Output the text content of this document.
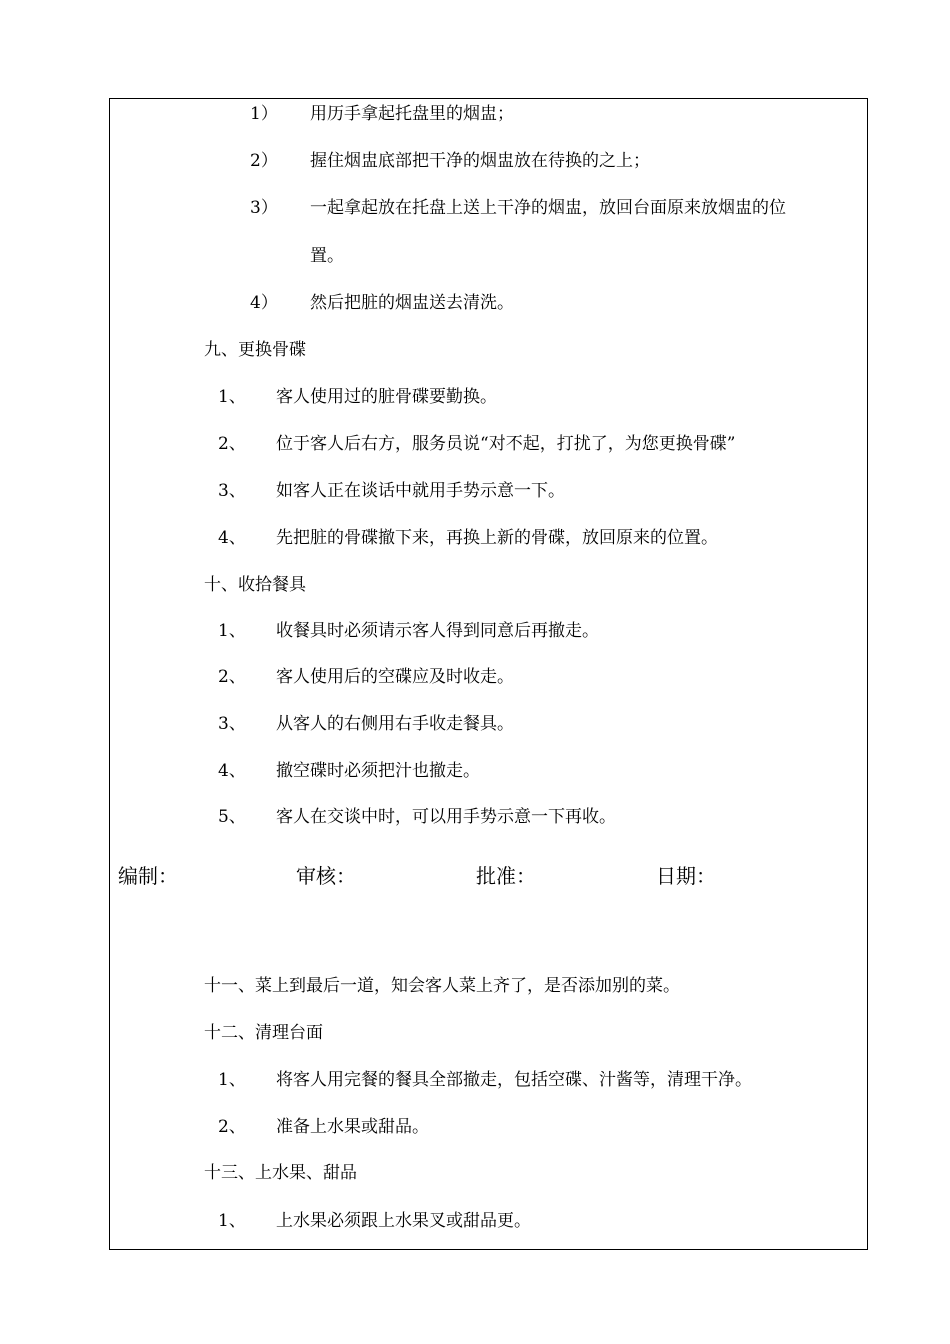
1） 用历手拿起托盘里的烟盅；
2） 握住烟盅底部把干净的烟盅放在待换的之上；
3） 一起拿起放在托盘上送上干净的烟盅，放回台面原来放烟盅的位
置。
4） 然后把脏的烟盅送去清洗。
九、更换骨碟
1、 客人使用过的脏骨碟要勤换。
2、 位于客人后右方，服务员说“对不起，打扰了，为您更换骨碟”
3、 如客人正在谈话中就用手势示意一下。
4、 先把脏的骨碟撤下来，再换上新的骨碟，放回原来的位置。
十、收拾餐具
1、 收餐具时必须请示客人得到同意后再撤走。
2、 客人使用后的空碟应及时收走。
3、 从客人的右侧用右手收走餐具。
4、 撤空碟时必须把汁也撤走。
5、 客人在交谈中时，可以用手势示意一下再收。
编制：	审核：	批准：	日期：
十一、菜上到最后一道，知会客人菜上齐了，是否添加别的菜。
十二、清理台面
1、 将客人用完餐的餐具全部撤走，包括空碟、汁酱等，清理干净。
2、 准备上水果或甜品。
十三、上水果、甜品
1、 上水果必须跟上水果叉或甜品更。
